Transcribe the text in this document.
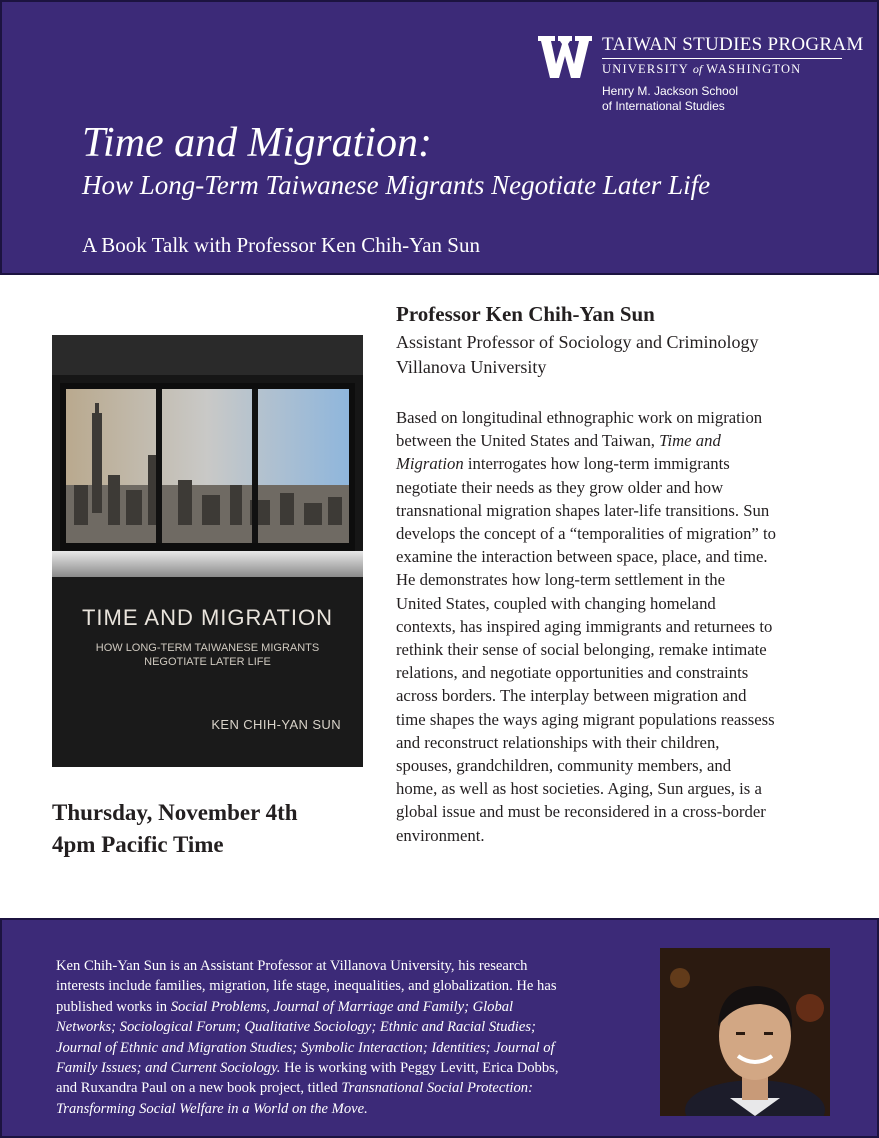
TAIWAN STUDIES PROGRAM
UNIVERSITY of WASHINGTON
Henry M. Jackson School
of International Studies
Time and Migration:
How Long-Term Taiwanese Migrants Negotiate Later Life
A Book Talk with Professor Ken Chih-Yan Sun
TIME AND MIGRATION
HOW LONG-TERM TAIWANESE MIGRANTS
NEGOTIATE LATER LIFE
KEN CHIH-YAN SUN
Thursday, November 4th
4pm Pacific Time
Professor Ken Chih-Yan Sun
Assistant Professor of Sociology and Criminology
Villanova University
Based on longitudinal ethnographic work on migration
between the United States and Taiwan, Time and
Migration interrogates how long-term immigrants
negotiate their needs as they grow older and how
transnational migration shapes later-life transitions. Sun
develops the concept of a “temporalities of migration” to
examine the interaction between space, place, and time.
He demonstrates how long-term settlement in the
United States, coupled with changing homeland
contexts, has inspired aging immigrants and returnees to
rethink their sense of social belonging, remake intimate
relations, and negotiate opportunities and constraints
across borders. The interplay between migration and
time shapes the ways aging migrant populations reassess
and reconstruct relationships with their children,
spouses, grandchildren, community members, and
home, as well as host societies. Aging, Sun argues, is a
global issue and must be reconsidered in a cross-border
environment.
Ken Chih-Yan Sun is an Assistant Professor at Villanova University, his research
interests include families, migration, life stage, inequalities, and globalization. He has
published works in Social Problems, Journal of Marriage and Family; Global
Networks; Sociological Forum; Qualitative Sociology; Ethnic and Racial Studies;
Journal of Ethnic and Migration Studies; Symbolic Interaction; Identities; Journal of
Family Issues; and Current Sociology. He is working with Peggy Levitt, Erica Dobbs,
and Ruxandra Paul on a new book project, titled Transnational Social Protection:
Transforming Social Welfare in a World on the Move.
